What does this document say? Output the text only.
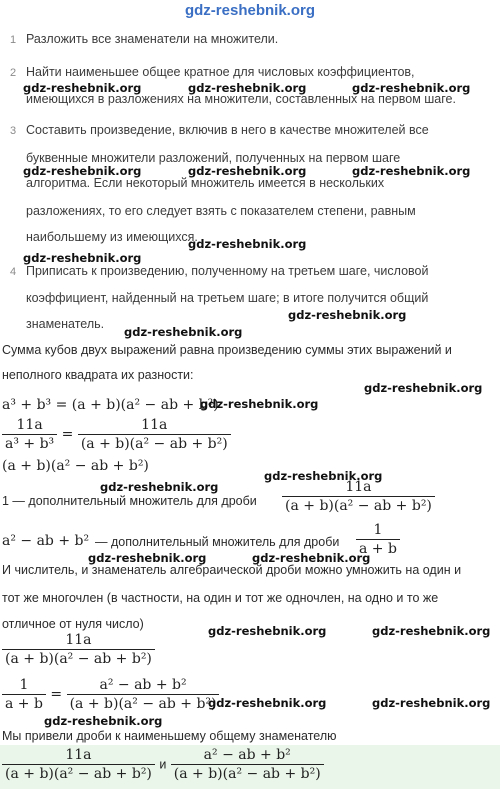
gdz-reshebnik.org
1 Разложить все знаменатели на множители.
2 Найти наименьшее общее кратное для числовых коэффициентов,
имеющихся в разложениях на множители, составленных на первом шаге.
3 Составить произведение, включив в него в качестве множителей все
буквенные множители разложений, полученных на первом шаге
алгоритма. Если некоторый множитель имеется в нескольких
разложениях, то его следует взять с показателем степени, равным
наибольшему из имеющихся.
4 Приписать к произведению, полученному на третьем шаге, числовой
коэффициент, найденный на третьем шаге; в итоге получится общий
знаменатель.
Сумма кубов двух выражений равна произведению суммы этих выражений и
неполного квадрата их разности:
a³ + b³ = (a + b)(a² − ab + b²)
$\frac{11a}{\text{a³ + b³}} = \frac{11a}{\text{(a + b)(a² − ab + b²)}}$
(a + b)(a² − ab + b²)
1 — дополнительный множитель для дроби $\frac{11a}{\text{(a + b)(a² − ab + b²)}}$
a² − ab + b² — дополнительный множитель для дроби $\frac{1}{a + b}$
И числитель, и знаменатель алгебраической дроби можно умножить на один и
тот же многочлен (в частности, на один и тот же одночлен, на одно и то же
отличное от нуля число)
$\frac{11a}{\text{(a + b)(a² − ab + b²)}}$
$\frac{1}{a + b} = \frac{\text{a² − ab + b²}}{\text{(a + b)(a² − ab + b²)}}$
Мы привели дроби к наименьшему общему знаменателю
$\frac{11a}{\text{(a + b)(a² − ab + b²)}}$ и $\frac{\text{a² − ab + b²}}{\text{(a + b)(a² − ab + b²)}}$
gdz-reshebnik.org	gdz-reshebnik.org	gdz-reshebnik.org
gdz-reshebnik.org	gdz-reshebnik.org	gdz-reshebnik.org
gdz-reshebnik.org
gdz-reshebnik.org
gdz-reshebnik.org
gdz-reshebnik.org
gdz-reshebnik.org
gdz-reshebnik.org
gdz-reshebnik.org
gdz-reshebnik.org
gdz-reshebnik.org	gdz-reshebnik.org
gdz-reshebnik.org	gdz-reshebnik.org
gdz-reshebnik.org	gdz-reshebnik.org
gdz-reshebnik.org
